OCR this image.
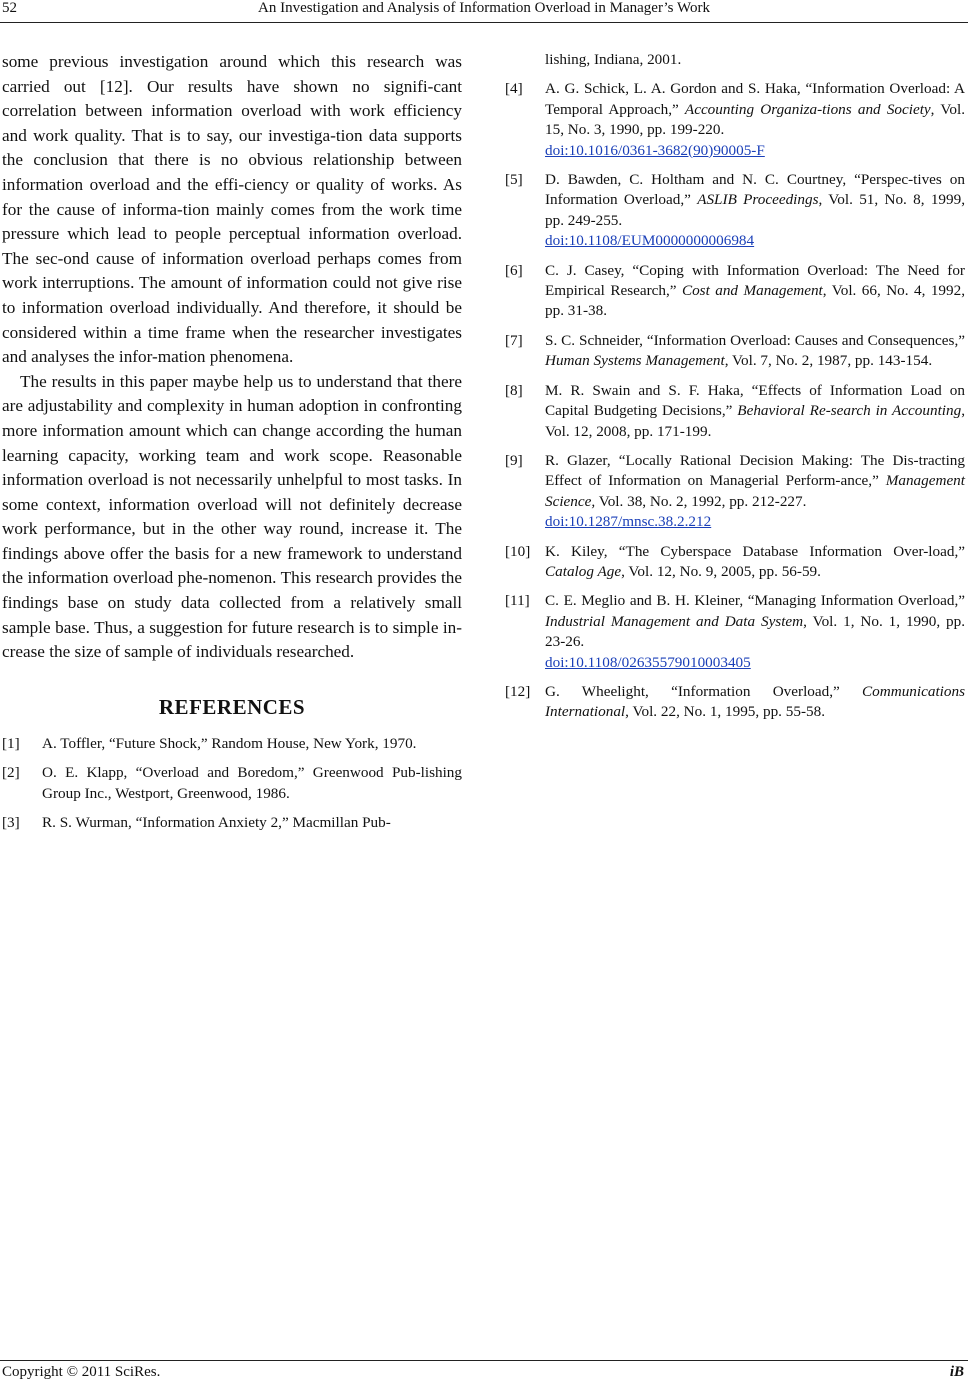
52	An Investigation and Analysis of Information Overload in Manager’s Work

some previous investigation around which this research was carried out [12]. Our results have shown no signifi-cant correlation between information overload with work efficiency and work quality. That is to say, our investiga-tion data supports the conclusion that there is no obvious relationship between information overload and the effi-ciency or quality of works. As for the cause of informa-tion mainly comes from the work time pressure which lead to people perceptual information overload. The sec-ond cause of information overload perhaps comes from work interruptions. The amount of information could not give rise to information overload individually. And therefore, it should be considered within a time frame when the researcher investigates and analyses the infor-mation phenomena.

The results in this paper maybe help us to understand that there are adjustability and complexity in human adoption in confronting more information amount which can change according the human learning capacity, working team and work scope. Reasonable information overload is not necessarily unhelpful to most tasks. In some context, information overload will not definitely decrease work performance, but in the other way round, increase it. The findings above offer the basis for a new framework to understand the information overload phe-nomenon. This research provides the findings base on study data collected from a relatively small sample base. Thus, a suggestion for future research is to simple in-crease the size of sample of individuals researched.

REFERENCES
[1]	A. Toffler, “Future Shock,” Random House, New York, 1970.
[2]	O. E. Klapp, “Overload and Boredom,” Greenwood Pub-lishing Group Inc., Westport, Greenwood, 1986.
[3]	R. S. Wurman, “Information Anxiety 2,” Macmillan Pub-
lishing, Indiana, 2001.
[4]	A. G. Schick, L. A. Gordon and S. Haka, “Information Overload: A Temporal Approach,” Accounting Organiza-tions and Society, Vol. 15, No. 3, 1990, pp. 199-220.
doi:10.1016/0361-3682(90)90005-F
[5]	D. Bawden, C. Holtham and N. C. Courtney, “Perspec-tives on Information Overload,” ASLIB Proceedings, Vol. 51, No. 8, 1999, pp. 249-255.
doi:10.1108/EUM0000000006984
[6]	C. J. Casey, “Coping with Information Overload: The Need for Empirical Research,” Cost and Management, Vol. 66, No. 4, 1992, pp. 31-38.
[7]	S. C. Schneider, “Information Overload: Causes and Consequences,” Human Systems Management, Vol. 7, No. 2, 1987, pp. 143-154.
[8]	M. R. Swain and S. F. Haka, “Effects of Information Load on Capital Budgeting Decisions,” Behavioral Re-search in Accounting, Vol. 12, 2008, pp. 171-199.
[9]	R. Glazer, “Locally Rational Decision Making: The Dis-tracting Effect of Information on Managerial Perform-ance,” Management Science, Vol. 38, No. 2, 1992, pp. 212-227.
doi:10.1287/mnsc.38.2.212
[10] K. Kiley, “The Cyberspace Database Information Over-load,” Catalog Age, Vol. 12, No. 9, 2005, pp. 56-59.
[11]	C. E. Meglio and B. H. Kleiner, “Managing Information Overload,” Industrial Management and Data System, Vol. 1, No. 1, 1990, pp. 23-26.
doi:10.1108/02635579010003405
[12] G. Wheelight, “Information Overload,” Communications International, Vol. 22, No. 1, 1995, pp. 55-58.
Copyright © 2011 SciRes.	iB
